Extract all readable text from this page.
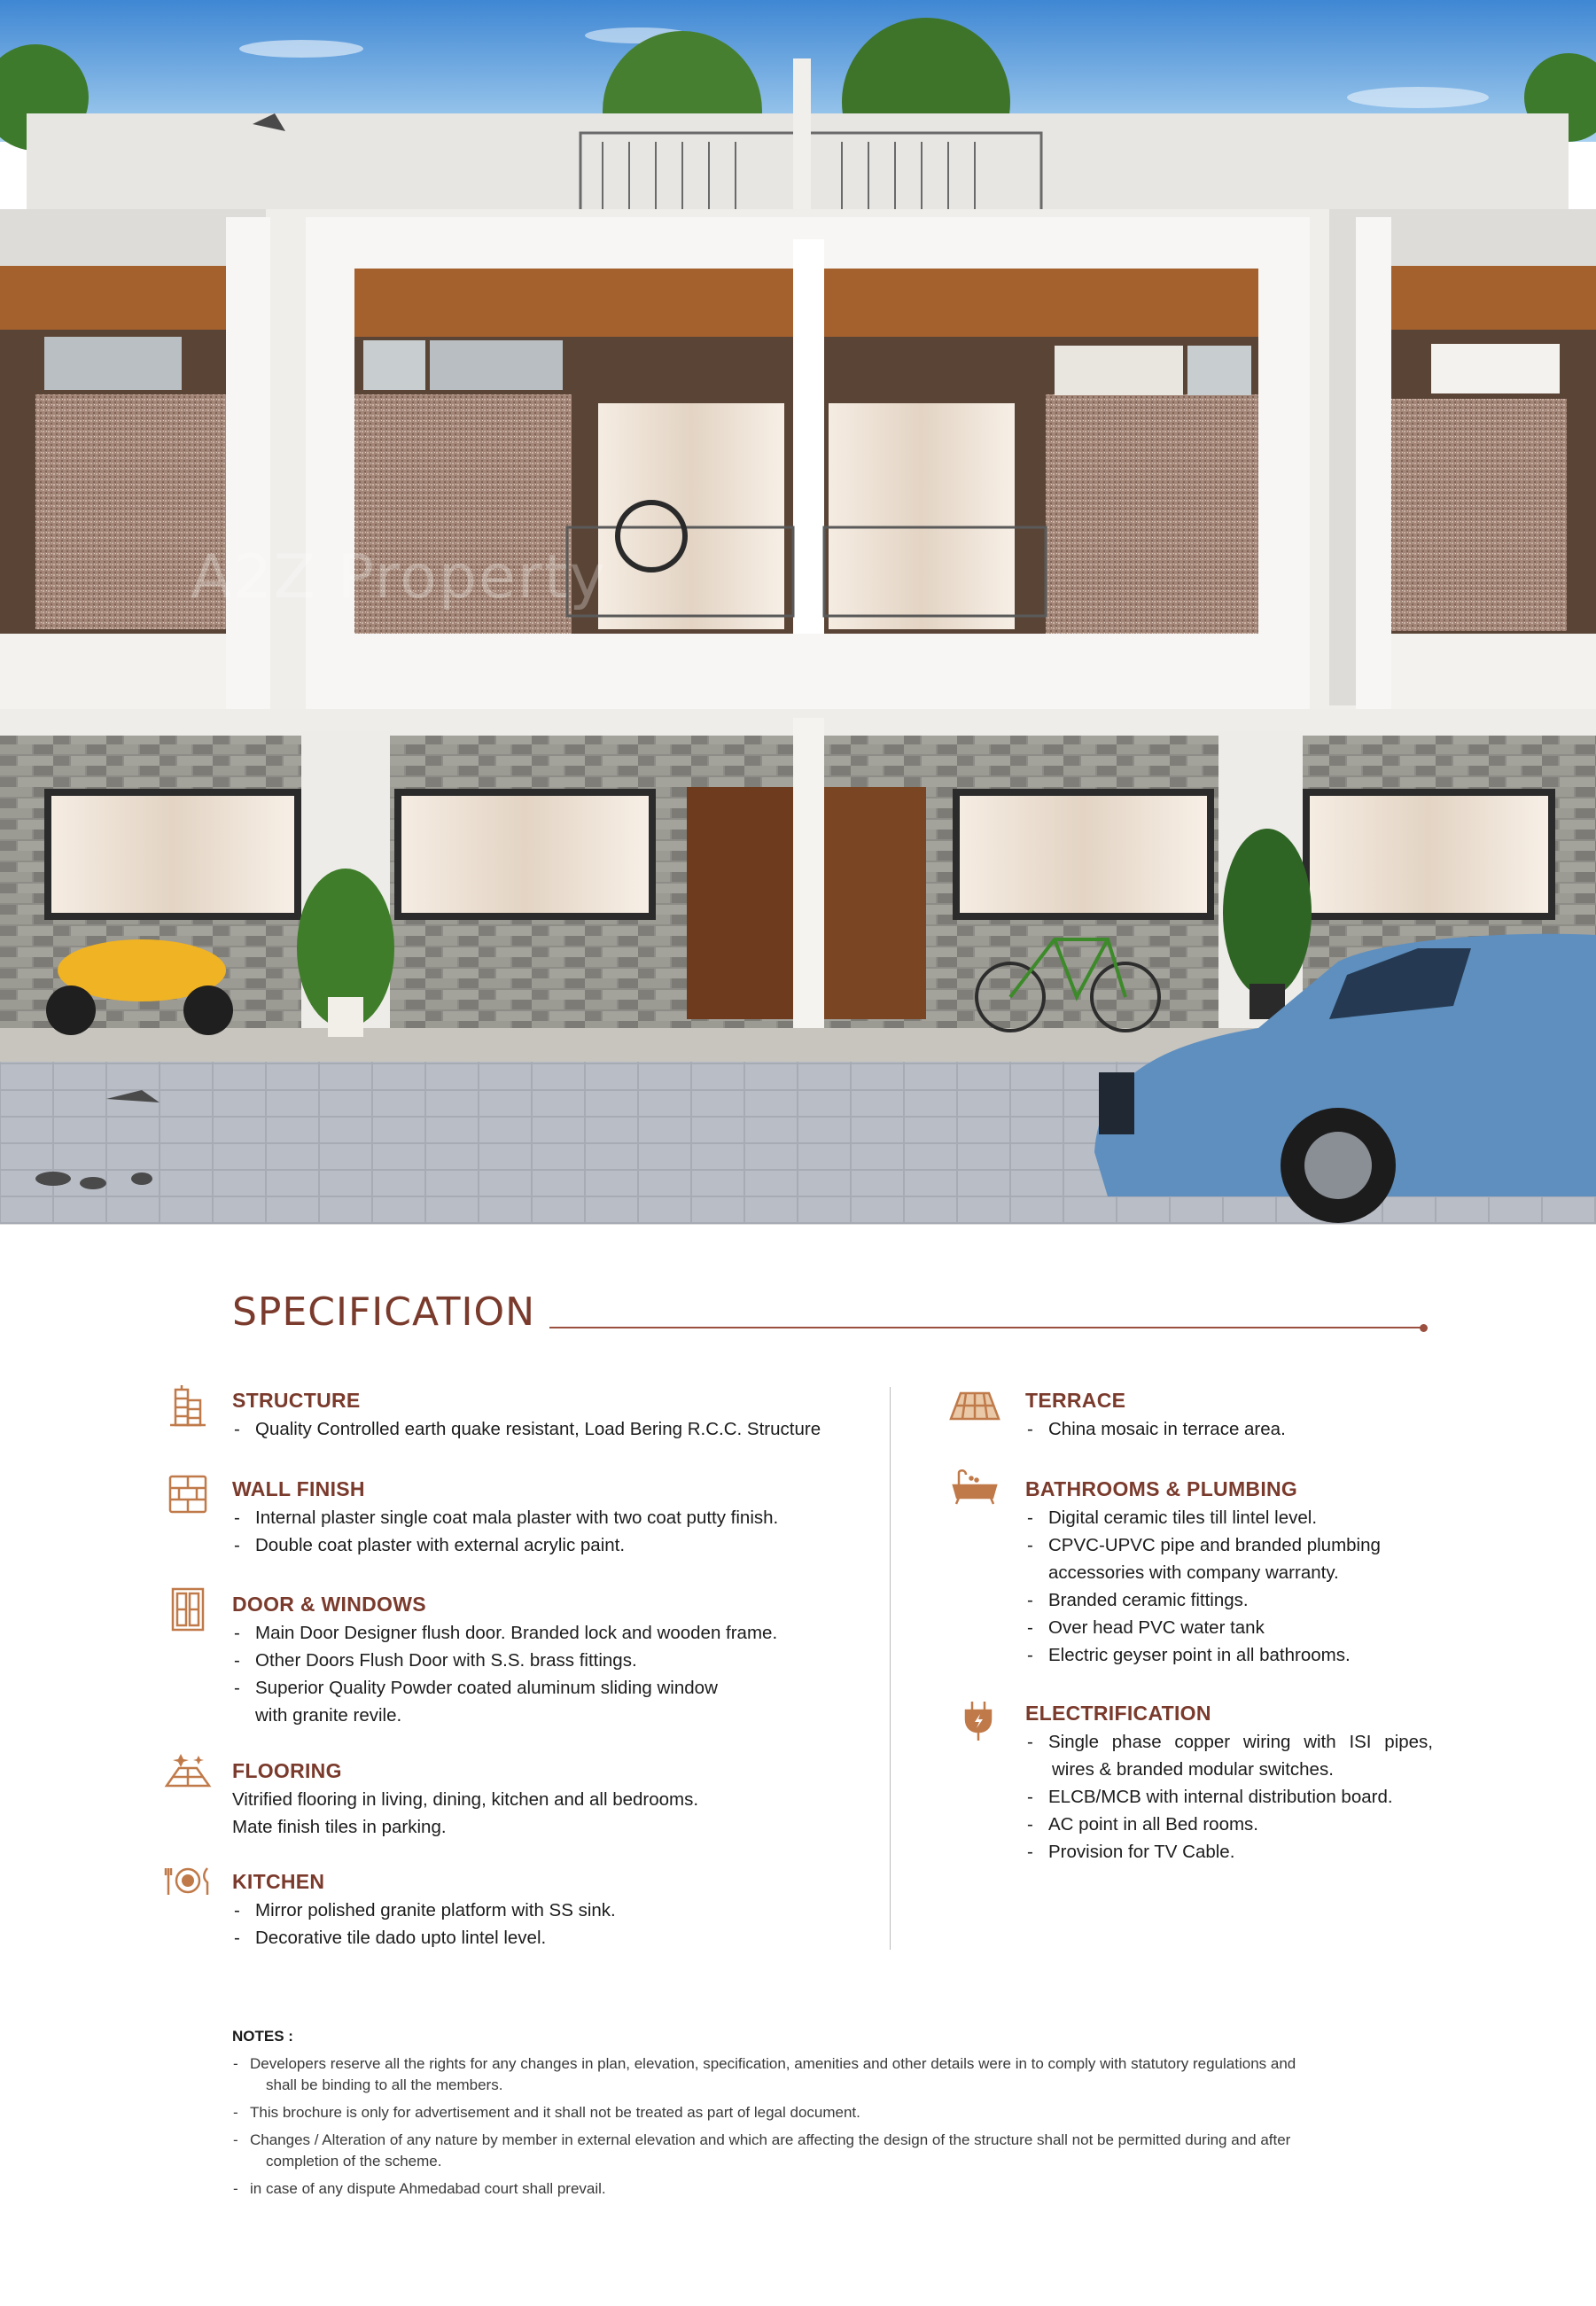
A2Z Property
SPECIFICATION
STRUCTURE
- Quality Controlled earth quake resistant, Load Bering R.C.C. Structure
WALL FINISH
- Internal plaster single coat mala plaster with two coat putty finish.
- Double coat plaster with external acrylic paint.
DOOR & WINDOWS
- Main Door Designer flush door. Branded lock and wooden frame.
- Other Doors Flush Door with S.S. brass fittings.
- Superior Quality Powder coated aluminum sliding window
with granite revile.
FLOORING
Vitrified flooring in living, dining, kitchen and all bedrooms.
Mate finish tiles in parking.
KITCHEN
- Mirror polished granite platform with SS sink.
- Decorative tile dado upto lintel level.
TERRACE
- China mosaic in terrace area.
BATHROOMS & PLUMBING
- Digital ceramic tiles till lintel level.
- CPVC-UPVC pipe and branded plumbing
accessories with company warranty.
- Branded ceramic fittings.
- Over head PVC water tank
- Electric geyser point in all bathrooms.
ELECTRIFICATION
- Single phase copper wiring with ISI pipes,
wires & branded modular switches.
- ELCB/MCB with internal distribution board.
- AC point in all Bed rooms.
- Provision for TV Cable.
NOTES :
- Developers reserve all the rights for any changes in plan, elevation, specification, amenities and other details were in to comply with statutory regulations and
shall be binding to all the members.
- This brochure is only for advertisement and it shall not be treated as part of legal document.
- Changes / Alteration of any nature by member in external elevation and which are affecting the design of the structure shall not be permitted during and after
completion of the scheme.
- in case of any dispute Ahmedabad court shall prevail.
